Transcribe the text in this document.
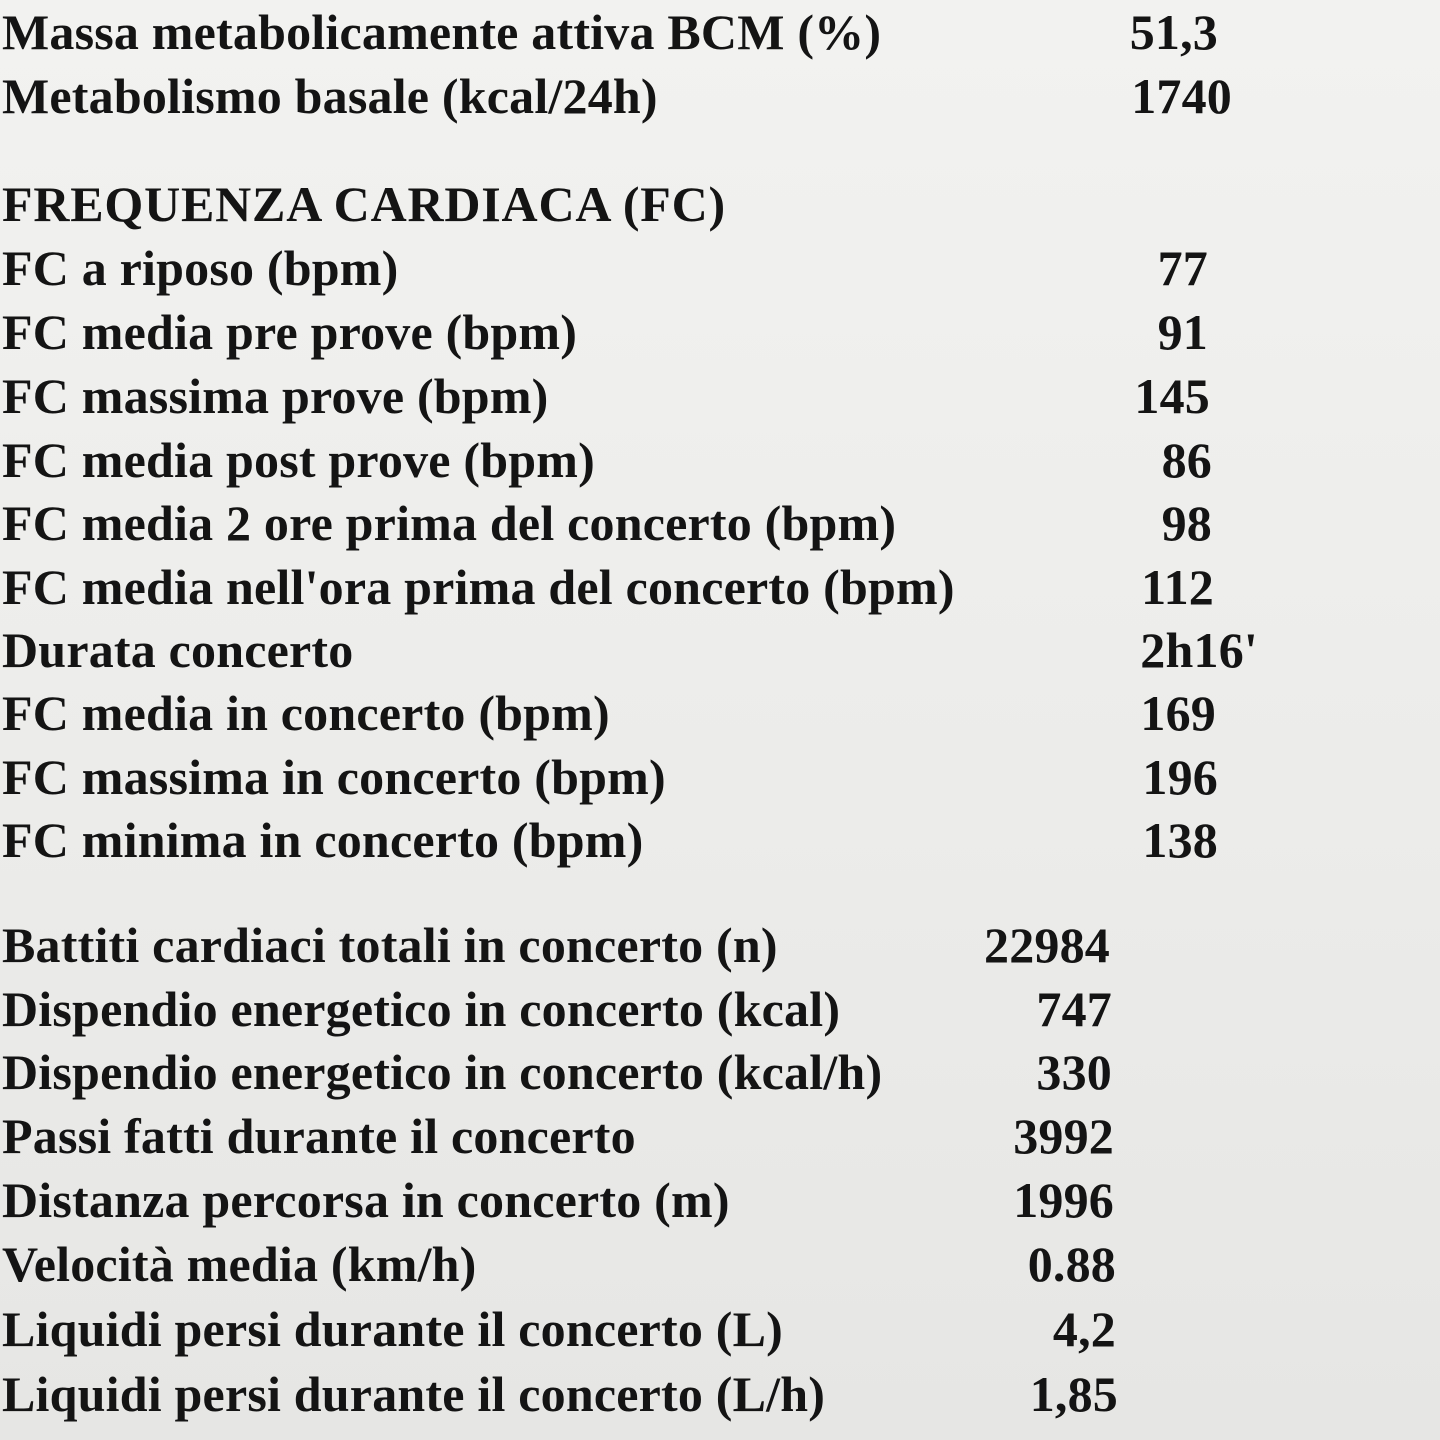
Massa metabolicamente attiva BCM (%)	51,3
Metabolismo basale (kcal/24h)	1740
FREQUENZA CARDIACA (FC)
FC a riposo (bpm)	77
FC media pre prove (bpm)	91
FC massima prove (bpm)	145
FC media post prove (bpm)	86
FC media 2 ore prima del concerto (bpm)	98
FC media nell'ora prima del concerto (bpm)	112
Durata concerto	2h16'
FC media in concerto (bpm)	169
FC massima in concerto (bpm)	196
FC minima in concerto (bpm)	138
Battiti cardiaci totali in concerto (n)	22984
Dispendio energetico in concerto (kcal)	747
Dispendio energetico in concerto (kcal/h)	330
Passi fatti durante il concerto	3992
Distanza percorsa in concerto (m)	1996
Velocità media (km/h)	0.88
Liquidi persi durante il concerto (L)	4,2
Liquidi persi durante il concerto (L/h)	1,85
